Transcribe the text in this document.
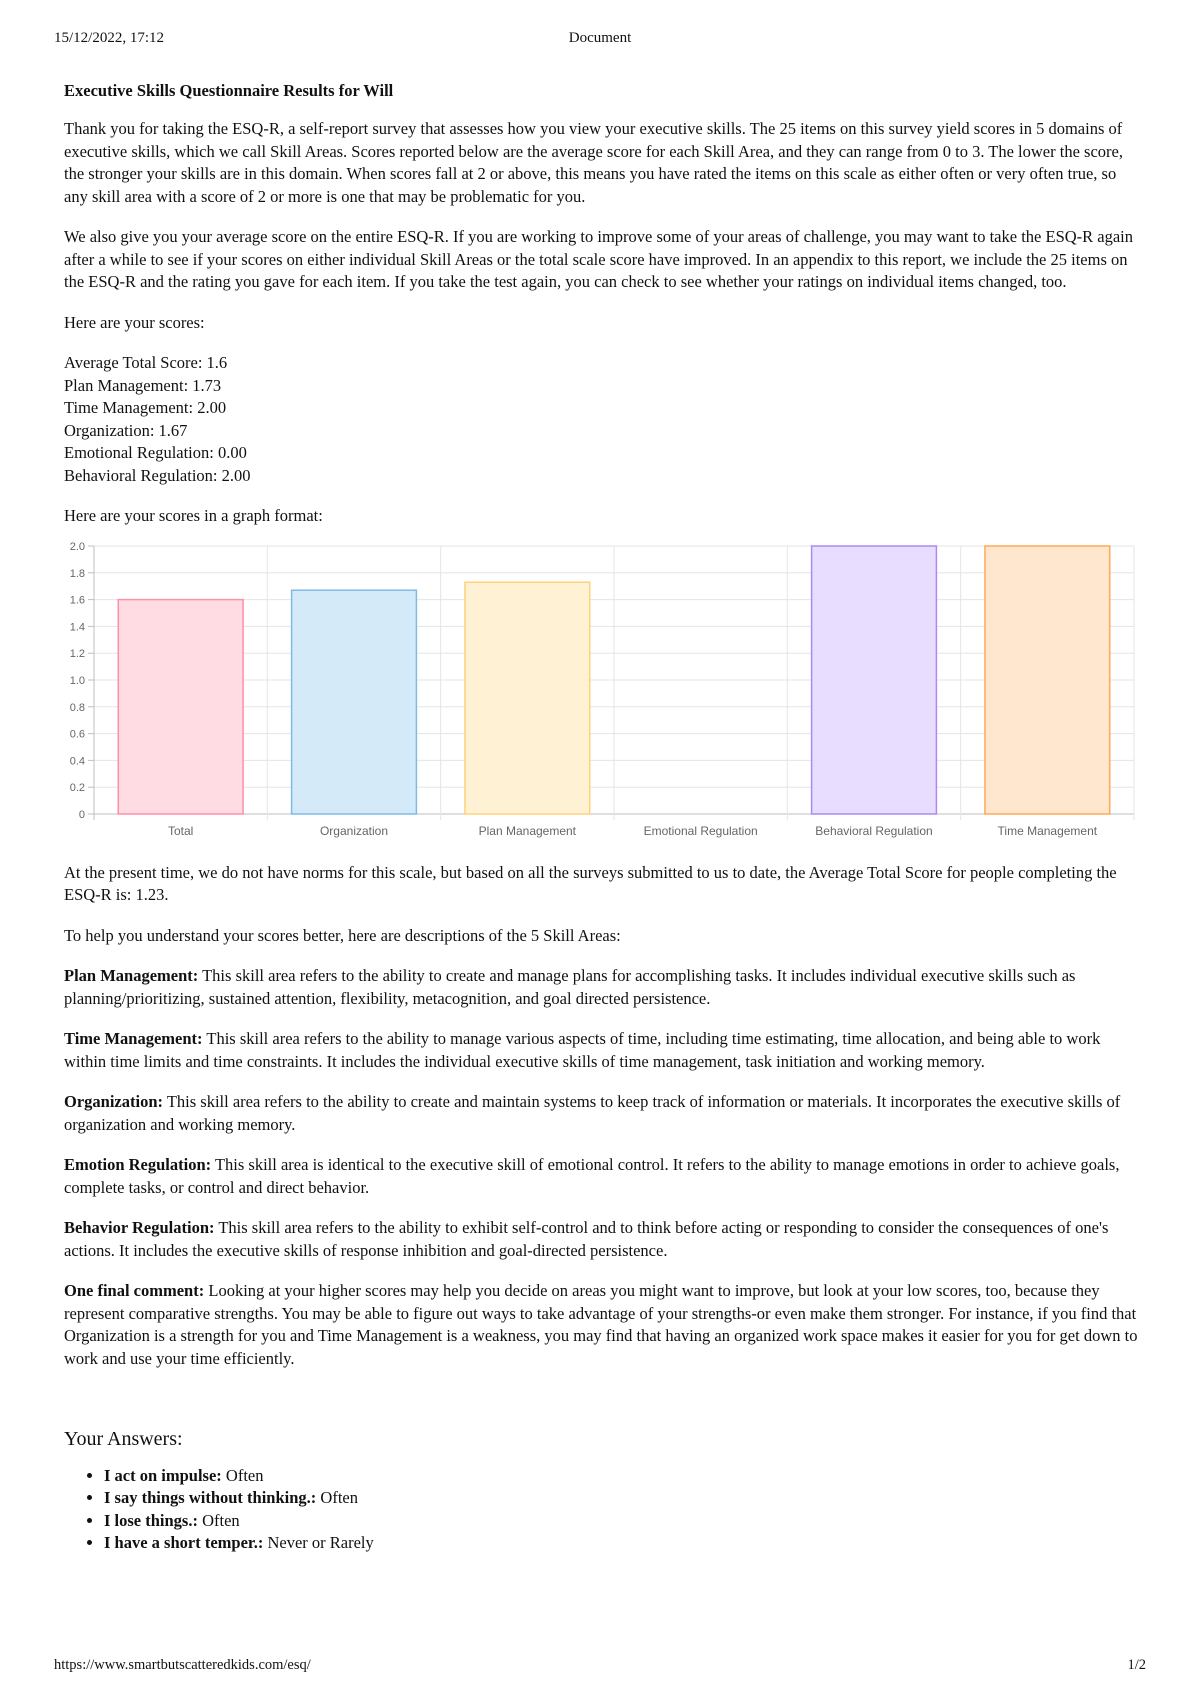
15/12/2022, 17:12	Document
Executive Skills Questionnaire Results for Will

Thank you for taking the ESQ-R, a self-report survey that assesses how you view your executive skills. The 25 items on this survey yield scores in 5 domains of executive skills, which we call Skill Areas. Scores reported below are the average score for each Skill Area, and they can range from 0 to 3. The lower the score, the stronger your skills are in this domain. When scores fall at 2 or above, this means you have rated the items on this scale as either often or very often true, so any skill area with a score of 2 or more is one that may be problematic for you.

We also give you your average score on the entire ESQ-R. If you are working to improve some of your areas of challenge, you may want to take the ESQ-R again after a while to see if your scores on either individual Skill Areas or the total scale score have improved. In an appendix to this report, we include the 25 items on the ESQ-R and the rating you gave for each item. If you take the test again, you can check to see whether your ratings on individual items changed, too.

Here are your scores:

Average Total Score: 1.6
Plan Management: 1.73
Time Management: 2.00
Organization: 1.67
Emotional Regulation: 0.00
Behavioral Regulation: 2.00

Here are your scores in a graph format:

0
0.2
0.4
0.6
0.8
1.0
1.2
1.4
1.6
1.8
2.0
Total	Organization	Plan Management	Emotional Regulation	Behavioral Regulation	Time Management

At the present time, we do not have norms for this scale, but based on all the surveys submitted to us to date, the Average Total Score for people completing the ESQ-R is: 1.23.

To help you understand your scores better, here are descriptions of the 5 Skill Areas:

Plan Management: This skill area refers to the ability to create and manage plans for accomplishing tasks. It includes individual executive skills such as planning/prioritizing, sustained attention, flexibility, metacognition, and goal directed persistence.

Time Management: This skill area refers to the ability to manage various aspects of time, including time estimating, time allocation, and being able to work within time limits and time constraints. It includes the individual executive skills of time management, task initiation and working memory.

Organization: This skill area refers to the ability to create and maintain systems to keep track of information or materials. It incorporates the executive skills of organization and working memory.

Emotion Regulation: This skill area is identical to the executive skill of emotional control. It refers to the ability to manage emotions in order to achieve goals, complete tasks, or control and direct behavior.

Behavior Regulation: This skill area refers to the ability to exhibit self-control and to think before acting or responding to consider the consequences of one's actions. It includes the executive skills of response inhibition and goal-directed persistence.

One final comment: Looking at your higher scores may help you decide on areas you might want to improve, but look at your low scores, too, because they represent comparative strengths. You may be able to figure out ways to take advantage of your strengths-or even make them stronger. For instance, if you find that Organization is a strength for you and Time Management is a weakness, you may find that having an organized work space makes it easier for you for get down to work and use your time efficiently.

Your Answers:
• I act on impulse: Often
• I say things without thinking.: Often
• I lose things.: Often
• I have a short temper.: Never or Rarely
https://www.smartbutscatteredkids.com/esq/	1/2
